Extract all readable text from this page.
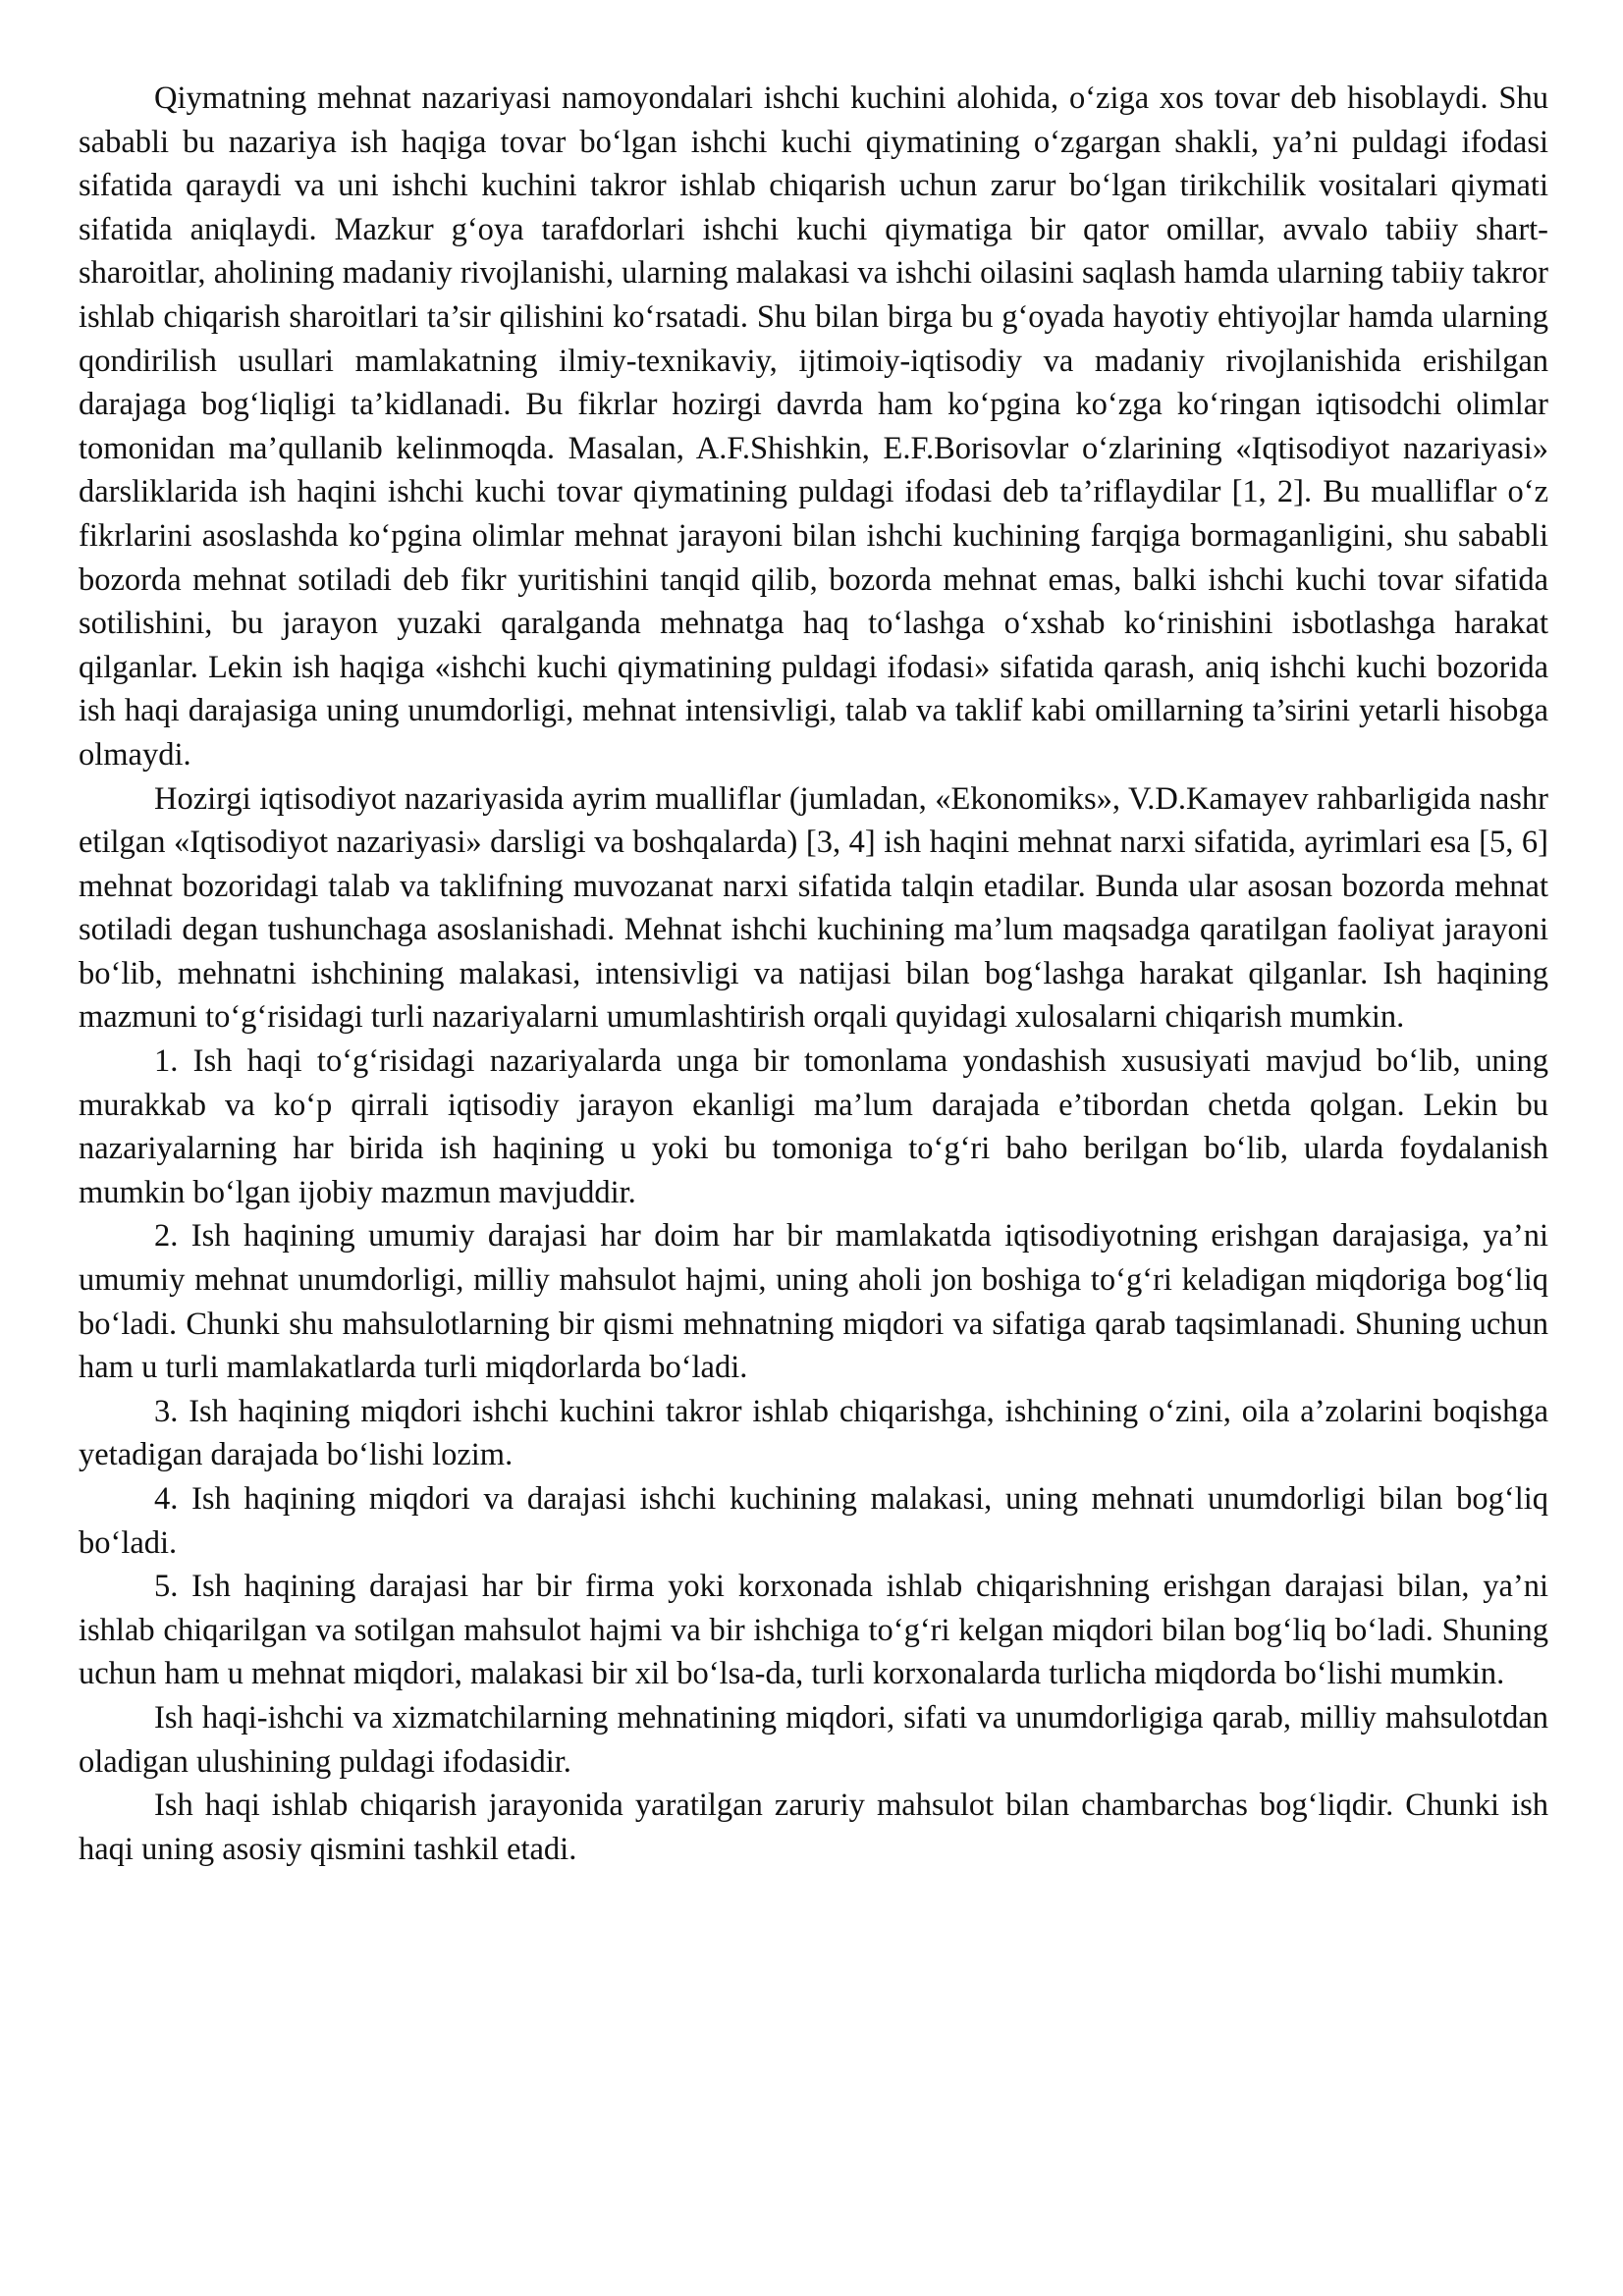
Qiymatning mehnat nazariyasi namoyondalari ishchi kuchini alohida, o‘ziga xos tovar deb hisoblaydi. Shu sababli bu nazariya ish haqiga tovar bo‘lgan ishchi kuchi qiymatining o‘zgargan shakli, ya’ni puldagi ifodasi sifatida qaraydi va uni ishchi kuchini takror ishlab chiqarish uchun zarur bo‘lgan tirikchilik vositalari qiymati sifatida aniqlaydi. Mazkur g‘oya tarafdorlari ishchi kuchi qiymatiga bir qator omillar, avvalo tabiiy shart-sharoitlar, aholining madaniy rivojlanishi, ularning malakasi va ishchi oilasini saqlash hamda ularning tabiiy takror ishlab chiqarish sharoitlari ta’sir qilishini ko‘rsatadi. Shu bilan birga bu g‘oyada hayotiy ehtiyojlar hamda ularning qondirilish usullari mamlakatning ilmiy-texnikaviy, ijtimoiy-iqtisodiy va madaniy rivojlanishida erishilgan darajaga bog‘liqligi ta’kidlanadi. Bu fikrlar hozirgi davrda ham ko‘pgina ko‘zga ko‘ringan iqtisodchi olimlar tomonidan ma’qullanib kelinmoqda. Masalan, A.F.Shishkin, E.F.Borisovlar o‘zlarining «Iqtisodiyot nazariyasi» darsliklarida ish haqini ishchi kuchi tovar qiymatining puldagi ifodasi deb ta’riflaydilar [1, 2]. Bu mualliflar o‘z fikrlarini asoslashda ko‘pgina olimlar mehnat jarayoni bilan ishchi kuchining farqiga bormaganligini, shu sababli bozorda mehnat sotiladi deb fikr yuritishini tanqid qilib, bozorda mehnat emas, balki ishchi kuchi tovar sifatida sotilishini, bu jarayon yuzaki qaralganda mehnatga haq to‘lashga o‘xshab ko‘rinishini isbotlashga harakat qilganlar. Lekin ish haqiga «ishchi kuchi qiymatining puldagi ifodasi» sifatida qarash, aniq ishchi kuchi bozorida ish haqi darajasiga uning unumdorligi, mehnat intensivligi, talab va taklif kabi omillarning ta’sirini yetarli hisobga olmaydi.

Hozirgi iqtisodiyot nazariyasida ayrim mualliflar (jumladan, «Ekonomiks», V.D.Kamayev rahbarligida nashr etilgan «Iqtisodiyot nazariyasi» darsligi va boshqalarda) [3, 4] ish haqini mehnat narxi sifatida, ayrimlari esa [5, 6] mehnat bozoridagi talab va taklifning muvozanat narxi sifatida talqin etadilar. Bunda ular asosan bozorda mehnat sotiladi degan tushunchaga asoslanishadi. Mehnat ishchi kuchining ma’lum maqsadga qaratilgan faoliyat jarayoni bo‘lib, mehnatni ishchining malakasi, intensivligi va natijasi bilan bog‘lashga harakat qilganlar. Ish haqining mazmuni to‘g‘risidagi turli nazariyalarni umumlashtirish orqali quyidagi xulosalarni chiqarish mumkin.

1. Ish haqi to‘g‘risidagi nazariyalarda unga bir tomonlama yondashish xususiyati mavjud bo‘lib, uning murakkab va ko‘p qirrali iqtisodiy jarayon ekanligi ma’lum darajada e’tibordan chetda qolgan. Lekin bu nazariyalarning har birida ish haqining u yoki bu tomoniga to‘g‘ri baho berilgan bo‘lib, ularda foydalanish mumkin bo‘lgan ijobiy mazmun mavjuddir.

2. Ish haqining umumiy darajasi har doim har bir mamlakatda iqtisodiyotning erishgan darajasiga, ya’ni umumiy mehnat unumdorligi, milliy mahsulot hajmi, uning aholi jon boshiga to‘g‘ri keladigan miqdoriga bog‘liq bo‘ladi. Chunki shu mahsulotlarning bir qismi mehnatning miqdori va sifatiga qarab taqsimlanadi. Shuning uchun ham u turli mamlakatlarda turli miqdorlarda bo‘ladi.

3. Ish haqining miqdori ishchi kuchini takror ishlab chiqarishga, ishchining o‘zini, oila a’zolarini boqishga yetadigan darajada bo‘lishi lozim.

4. Ish haqining miqdori va darajasi ishchi kuchining malakasi, uning mehnati unumdorligi bilan bog‘liq bo‘ladi.

5. Ish haqining darajasi har bir firma yoki korxonada ishlab chiqarishning erishgan darajasi bilan, ya’ni ishlab chiqarilgan va sotilgan mahsulot hajmi va bir ishchiga to‘g‘ri kelgan miqdori bilan bog‘liq bo‘ladi. Shuning uchun ham u mehnat miqdori, malakasi bir xil bo‘lsa-da, turli korxonalarda turlicha miqdorda bo‘lishi mumkin.

Ish haqi-ishchi va xizmatchilarning mehnatining miqdori, sifati va unumdorligiga qarab, milliy mahsulotdan oladigan ulushining puldagi ifodasidir.

Ish haqi ishlab chiqarish jarayonida yaratilgan zaruriy mahsulot bilan chambarchas bog‘liqdir. Chunki ish haqi uning asosiy qismini tashkil etadi.
